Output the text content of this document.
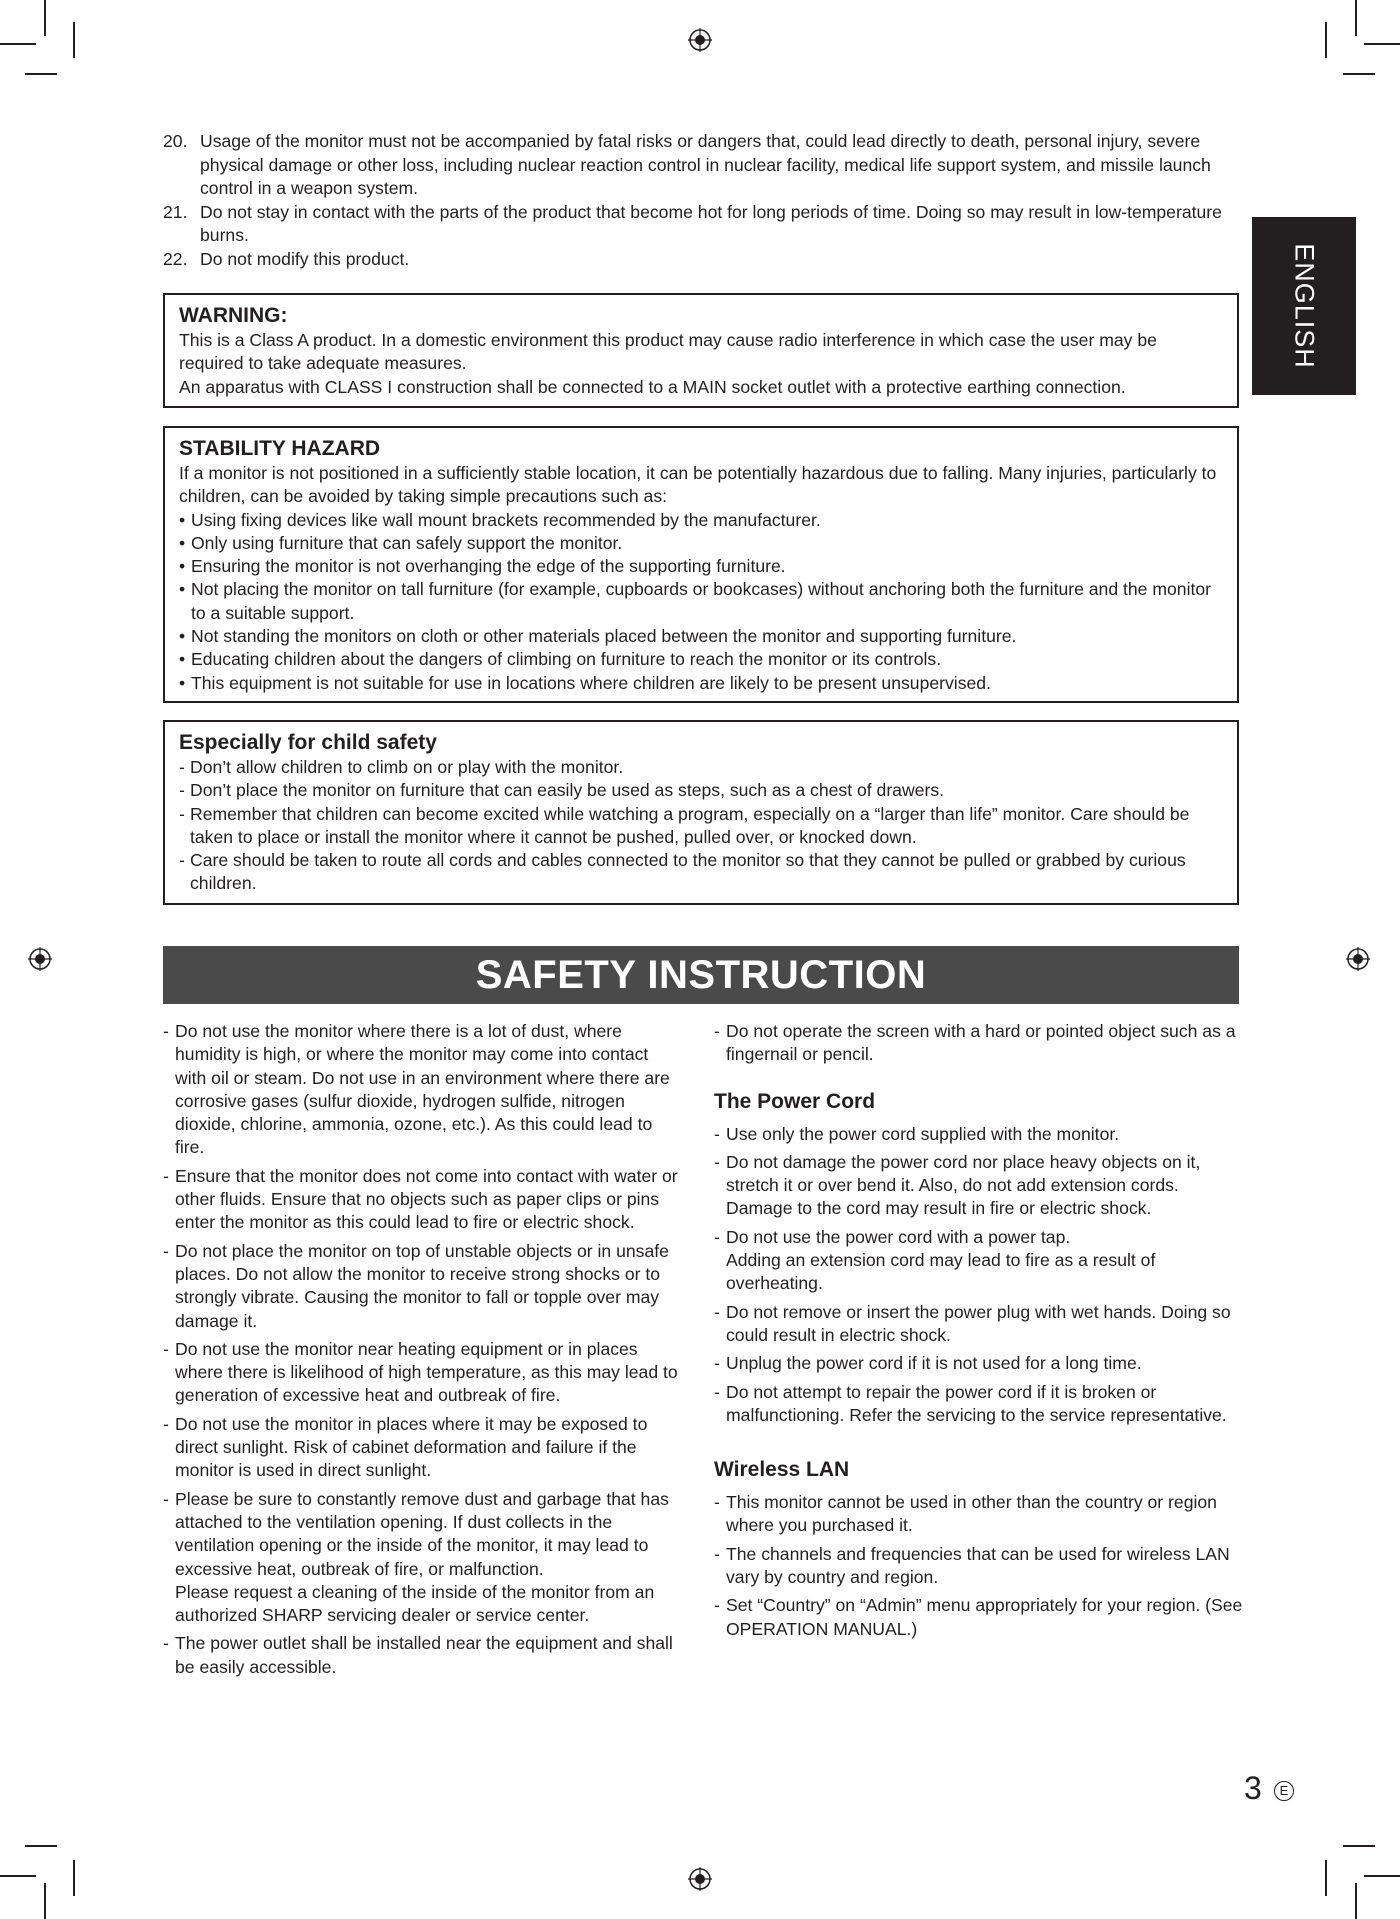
20. Usage of the monitor must not be accompanied by fatal risks or dangers that, could lead directly to death, personal injury, severe physical damage or other loss, including nuclear reaction control in nuclear facility, medical life support system, and missile launch control in a weapon system.
21. Do not stay in contact with the parts of the product that become hot for long periods of time. Doing so may result in low-temperature burns.
22. Do not modify this product.	ENGLISH
WARNING:
This is a Class A product. In a domestic environment this product may cause radio interference in which case the user may be required to take adequate measures.
An apparatus with CLASS I construction shall be connected to a MAIN socket outlet with a protective earthing connection.
STABILITY HAZARD
If a monitor is not positioned in a sufficiently stable location, it can be potentially hazardous due to falling. Many injuries, particularly to children, can be avoided by taking simple precautions such as:
• Using fixing devices like wall mount brackets recommended by the manufacturer.
• Only using furniture that can safely support the monitor.
• Ensuring the monitor is not overhanging the edge of the supporting furniture.
• Not placing the monitor on tall furniture (for example, cupboards or bookcases) without anchoring both the furniture and the monitor to a suitable support.
• Not standing the monitors on cloth or other materials placed between the monitor and supporting furniture.
• Educating children about the dangers of climbing on furniture to reach the monitor or its controls.
• This equipment is not suitable for use in locations where children are likely to be present unsupervised.
Especially for child safety
- Don’t allow children to climb on or play with the monitor.
- Don’t place the monitor on furniture that can easily be used as steps, such as a chest of drawers.
- Remember that children can become excited while watching a program, especially on a “larger than life” monitor. Care should be taken to place or install the monitor where it cannot be pushed, pulled over, or knocked down.
- Care should be taken to route all cords and cables connected to the monitor so that they cannot be pulled or grabbed by curious children.
SAFETY INSTRUCTION
- Do not use the monitor where there is a lot of dust, where humidity is high, or where the monitor may come into contact with oil or steam. Do not use in an environment where there are corrosive gases (sulfur dioxide, hydrogen sulfide, nitrogen dioxide, chlorine, ammonia, ozone, etc.). As this could lead to fire.
- Ensure that the monitor does not come into contact with water or other fluids. Ensure that no objects such as paper clips or pins enter the monitor as this could lead to fire or electric shock.
- Do not place the monitor on top of unstable objects or in unsafe places. Do not allow the monitor to receive strong shocks or to strongly vibrate. Causing the monitor to fall or topple over may damage it.
- Do not use the monitor near heating equipment or in places where there is likelihood of high temperature, as this may lead to generation of excessive heat and outbreak of fire.
- Do not use the monitor in places where it may be exposed to direct sunlight. Risk of cabinet deformation and failure if the monitor is used in direct sunlight.
- Please be sure to constantly remove dust and garbage that has attached to the ventilation opening. If dust collects in the ventilation opening or the inside of the monitor, it may lead to excessive heat, outbreak of fire, or malfunction.
Please request a cleaning of the inside of the monitor from an authorized SHARP servicing dealer or service center.
- The power outlet shall be installed near the equipment and shall be easily accessible.
- Do not operate the screen with a hard or pointed object such as a fingernail or pencil.
The Power Cord
- Use only the power cord supplied with the monitor.
- Do not damage the power cord nor place heavy objects on it, stretch it or over bend it. Also, do not add extension cords. Damage to the cord may result in fire or electric shock.
- Do not use the power cord with a power tap.
Adding an extension cord may lead to fire as a result of overheating.
- Do not remove or insert the power plug with wet hands. Doing so could result in electric shock.
- Unplug the power cord if it is not used for a long time.
- Do not attempt to repair the power cord if it is broken or malfunctioning. Refer the servicing to the service representative.
Wireless LAN
- This monitor cannot be used in other than the country or region where you purchased it.
- The channels and frequencies that can be used for wireless LAN vary by country and region.
- Set “Country” on “Admin” menu appropriately for your region. (See OPERATION MANUAL.)
3	E
